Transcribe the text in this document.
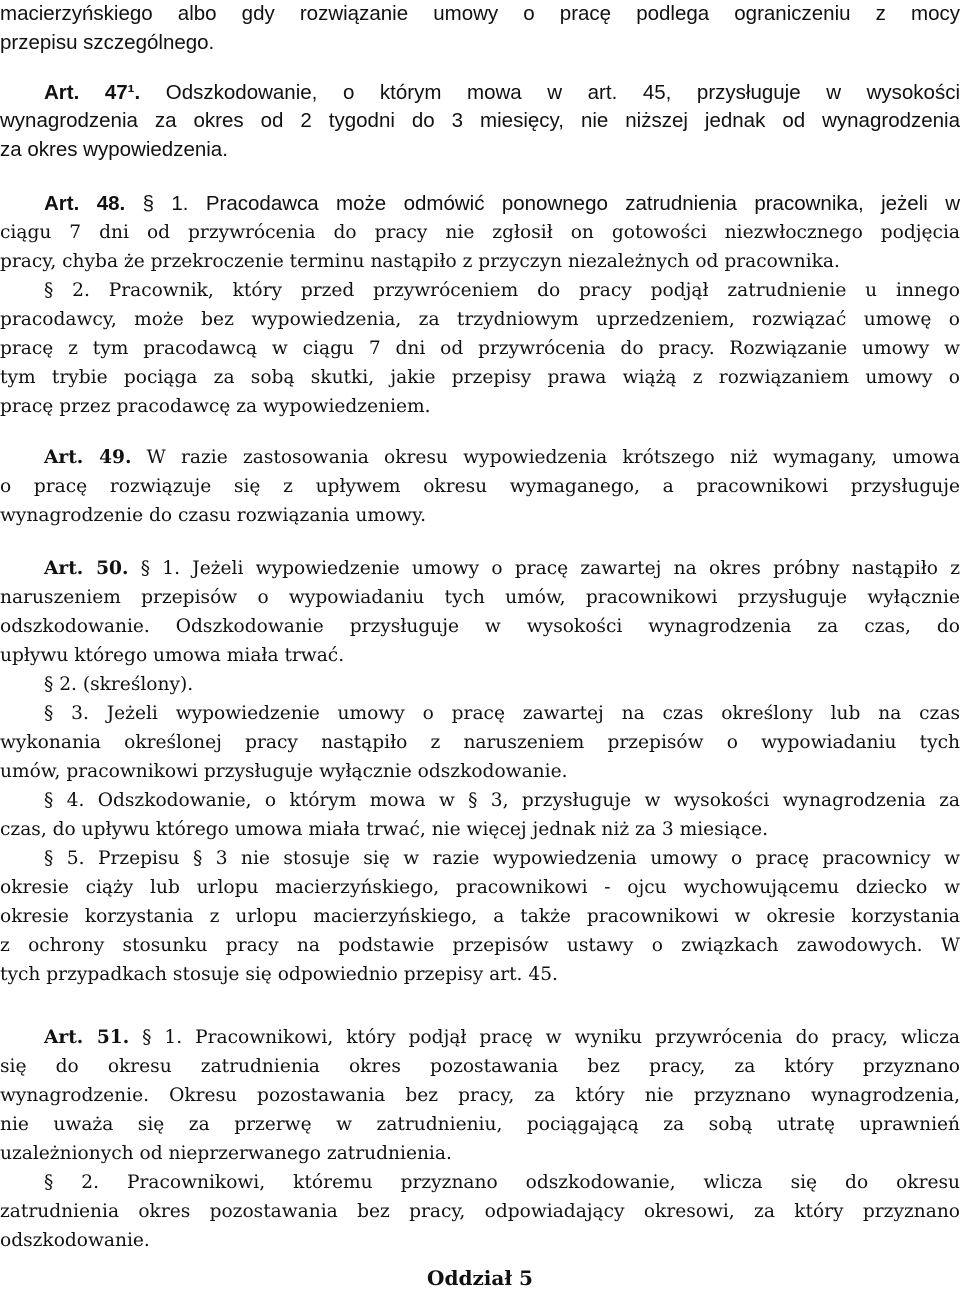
macierzyńskiego albo gdy rozwiązanie umowy o pracę podlega ograniczeniu z mocy

przepisu szczególnego.

Art. 47¹. Odszkodowanie, o którym mowa w art. 45, przysługuje w wysokości

wynagrodzenia za okres od 2 tygodni do 3 miesięcy, nie niższej jednak od wynagrodzenia

za okres wypowiedzenia.

Art. 48. § 1. Pracodawca może odmówić ponownego zatrudnienia pracownika, jeżeli w

ciągu 7 dni od przywrócenia do pracy nie zgłosił on gotowości niezwłocznego podjęcia

pracy, chyba że przekroczenie terminu nastąpiło z przyczyn niezależnych od pracownika.

§ 2. Pracownik, który przed przywróceniem do pracy podjął zatrudnienie u innego

pracodawcy, może bez wypowiedzenia, za trzydniowym uprzedzeniem, rozwiązać umowę o

pracę z tym pracodawcą w ciągu 7 dni od przywrócenia do pracy. Rozwiązanie umowy w

tym trybie pociąga za sobą skutki, jakie przepisy prawa wiążą z rozwiązaniem umowy o

pracę przez pracodawcę za wypowiedzeniem.

Art. 49. W razie zastosowania okresu wypowiedzenia krótszego niż wymagany, umowa

o pracę rozwiązuje się z upływem okresu wymaganego, a pracownikowi przysługuje

wynagrodzenie do czasu rozwiązania umowy.

Art. 50. § 1. Jeżeli wypowiedzenie umowy o pracę zawartej na okres próbny nastąpiło z

naruszeniem przepisów o wypowiadaniu tych umów, pracownikowi przysługuje wyłącznie

odszkodowanie. Odszkodowanie przysługuje w wysokości wynagrodzenia za czas, do

upływu którego umowa miała trwać.

§ 2. (skreślony).

§ 3. Jeżeli wypowiedzenie umowy o pracę zawartej na czas określony lub na czas

wykonania określonej pracy nastąpiło z naruszeniem przepisów o wypowiadaniu tych

umów, pracownikowi przysługuje wyłącznie odszkodowanie.

§ 4. Odszkodowanie, o którym mowa w § 3, przysługuje w wysokości wynagrodzenia za

czas, do upływu którego umowa miała trwać, nie więcej jednak niż za 3 miesiące.

§ 5. Przepisu § 3 nie stosuje się w razie wypowiedzenia umowy o pracę pracownicy w

okresie ciąży lub urlopu macierzyńskiego, pracownikowi - ojcu wychowującemu dziecko w

okresie korzystania z urlopu macierzyńskiego, a także pracownikowi w okresie korzystania

z ochrony stosunku pracy na podstawie przepisów ustawy o związkach zawodowych. W

tych przypadkach stosuje się odpowiednio przepisy art. 45.

Art. 51. § 1. Pracownikowi, który podjął pracę w wyniku przywrócenia do pracy, wlicza

się do okresu zatrudnienia okres pozostawania bez pracy, za który przyznano

wynagrodzenie. Okresu pozostawania bez pracy, za który nie przyznano wynagrodzenia,

nie uważa się za przerwę w zatrudnieniu, pociągającą za sobą utratę uprawnień

uzależnionych od nieprzerwanego zatrudnienia.

§ 2. Pracownikowi, któremu przyznano odszkodowanie, wlicza się do okresu

zatrudnienia okres pozostawania bez pracy, odpowiadający okresowi, za który przyznano

odszkodowanie.

Oddział 5
